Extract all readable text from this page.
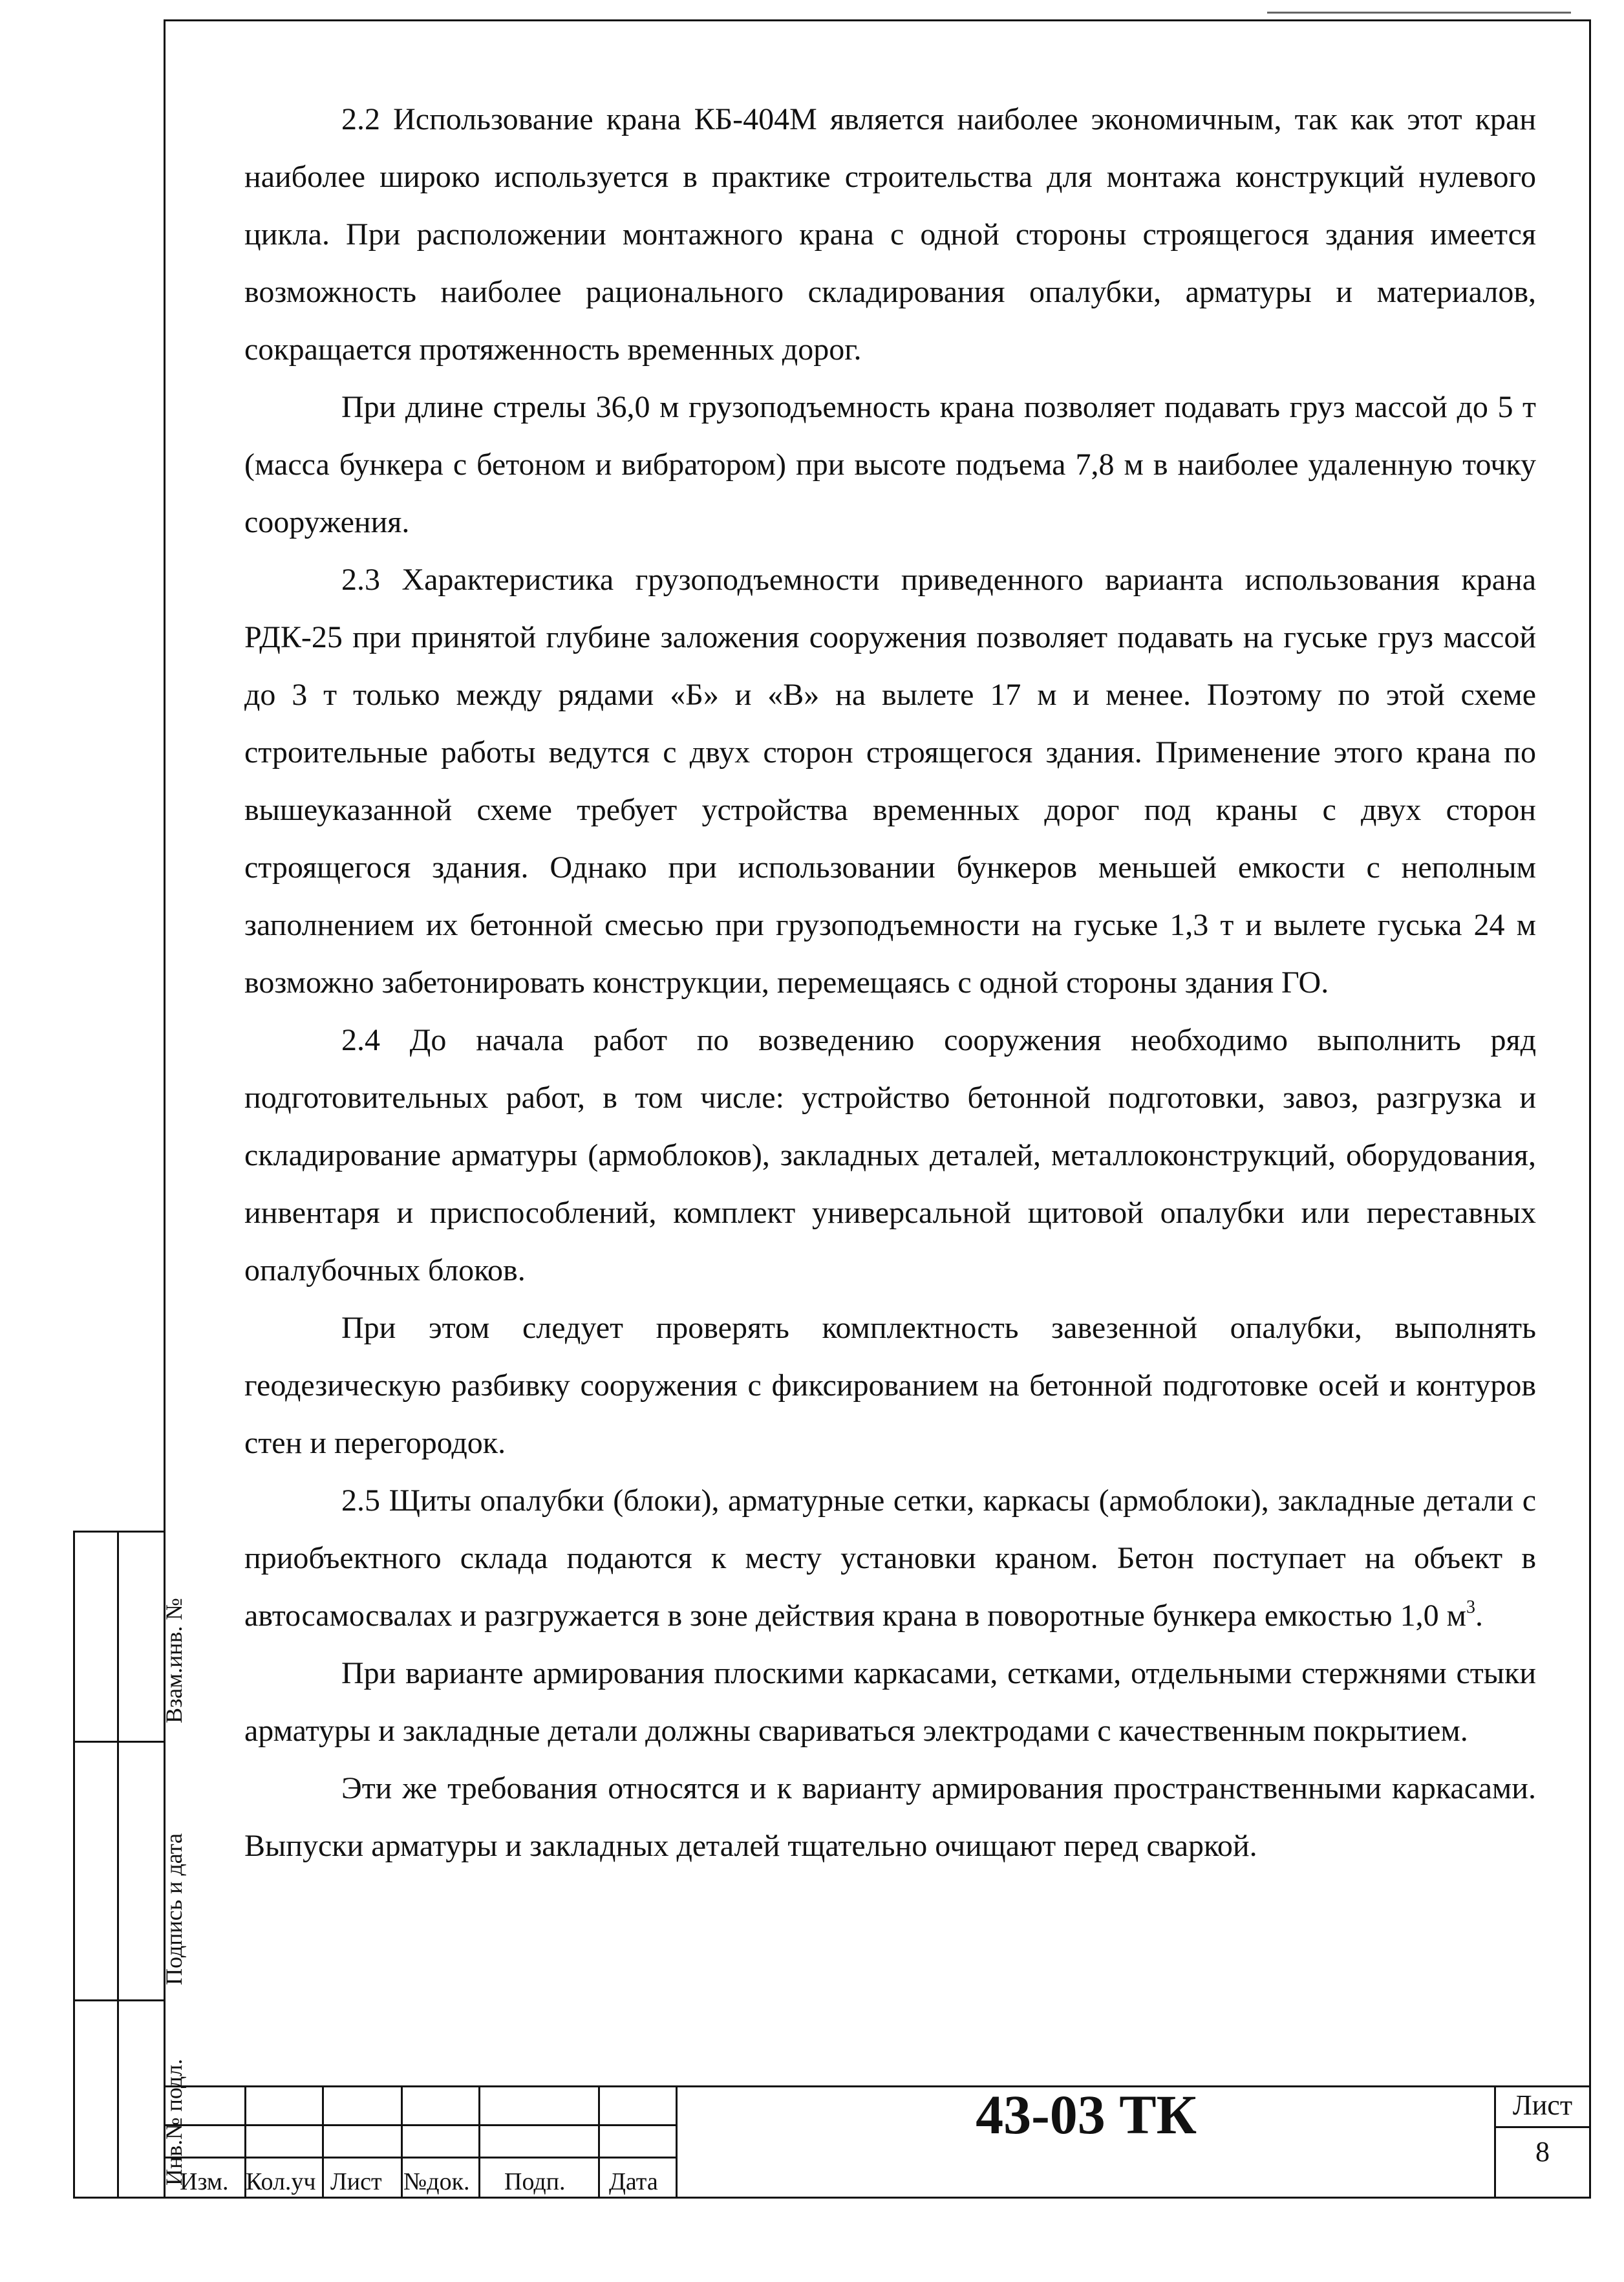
2.2 Использование крана КБ-404М является наиболее экономичным, так как этот кран наиболее широко используется в практике строительства для монтажа конструкций нулевого цикла. При расположении монтажного крана с одной стороны строящегося здания имеется возможность наиболее рационального складирования опалубки, арматуры и материалов, сокращается протяженность временных дорог.

При длине стрелы 36,0 м грузоподъемность крана позволяет подавать груз массой до 5 т (масса бункера с бетоном и вибратором) при высоте подъема 7,8 м в наиболее удаленную точку сооружения.

2.3 Характеристика грузоподъемности приведенного варианта использования крана РДК-25 при принятой глубине заложения сооружения позволяет подавать на гуське груз массой до 3 т только между рядами «Б» и «В» на вылете 17 м и менее. Поэтому по этой схеме строительные работы ведутся с двух сторон строящегося здания. Применение этого крана по вышеуказанной схеме требует устройства временных дорог под краны с двух сторон строящегося здания. Однако при использовании бункеров меньшей емкости с неполным заполнением их бетонной смесью при грузоподъемности на гуське 1,3 т и вылете гуська 24 м возможно забетонировать конструкции, перемещаясь с одной стороны здания ГО.

2.4 До начала работ по возведению сооружения необходимо выполнить ряд подготовительных работ, в том числе: устройство бетонной подготовки, завоз, разгрузка и складирование арматуры (армоблоков), закладных деталей, металлоконструкций, оборудования, инвентаря и приспособлений, комплект универсальной щитовой опалубки или переставных опалубочных блоков.

При этом следует проверять комплектность завезенной опалубки, выполнять геодезическую разбивку сооружения с фиксированием на бетонной подготовке осей и контуров стен и перегородок.

2.5 Щиты опалубки (блоки), арматурные сетки, каркасы (армоблоки), закладные детали с приобъектного склада подаются к месту установки краном. Бетон поступает на объект в автосамосвалах и разгружается в зоне действия крана в поворотные бункера емкостью 1,0 $м^3$.

При варианте армирования плоскими каркасами, сетками, отдельными стержнями стыки арматуры и закладные детали должны свариваться электродами с качественным покрытием.

Эти же требования относятся и к варианту армирования пространственными каркасами. Выпуски арматуры и закладных деталей тщательно очищают перед сваркой.

Взам.инв. №
Подпись и дата
Инв.№ подл.
Изм. Кол.уч Лист №док. Подп. Дата
43-03 ТК	Лист
8
